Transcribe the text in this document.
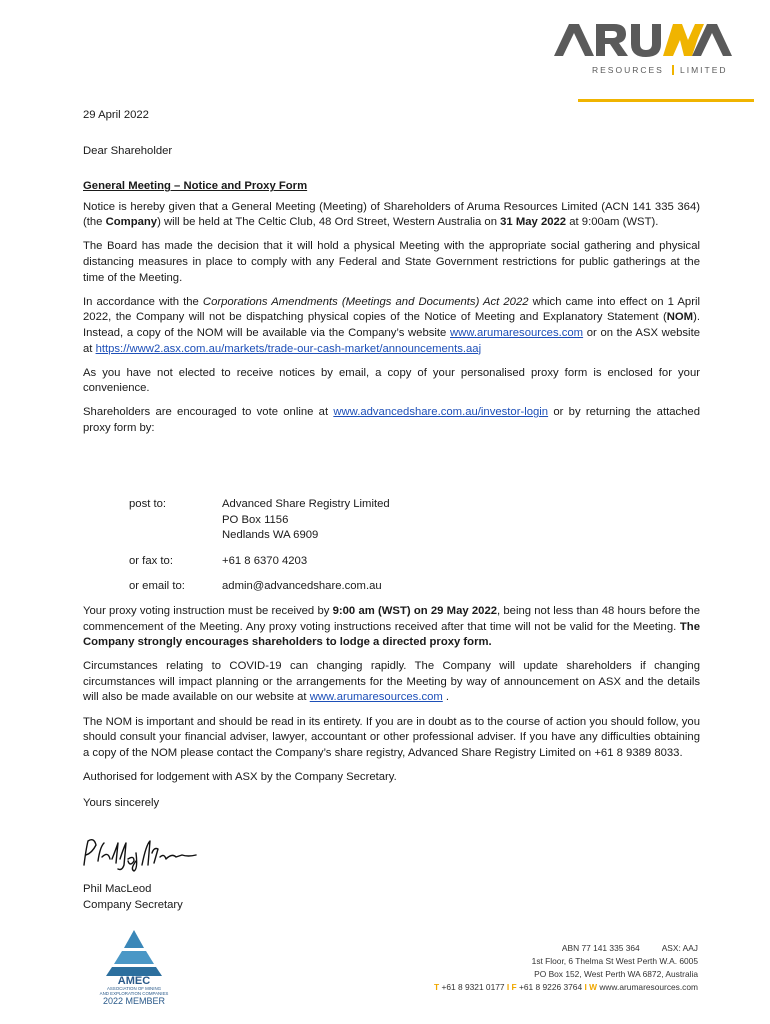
RESOURCES LIMITED

29 April 2022

Dear Shareholder

General Meeting – Notice and Proxy Form

Notice is hereby given that a General Meeting (Meeting) of Shareholders of Aruma Resources Limited (ACN 141 335 364) (the Company) will be held at The Celtic Club, 48 Ord Street, Western Australia on 31 May 2022 at 9:00am (WST).

The Board has made the decision that it will hold a physical Meeting with the appropriate social gathering and physical distancing measures in place to comply with any Federal and State Government restrictions for public gatherings at the time of the Meeting.

In accordance with the Corporations Amendments (Meetings and Documents) Act 2022 which came into effect on 1 April 2022, the Company will not be dispatching physical copies of the Notice of Meeting and Explanatory Statement (NOM). Instead, a copy of the NOM will be available via the Company’s website www.arumaresources.com or on the ASX website at https://www2.asx.com.au/markets/trade-our-cash-market/announcements.aaj

As you have not elected to receive notices by email, a copy of your personalised proxy form is enclosed for your convenience.

Shareholders are encouraged to vote online at www.advancedshare.com.au/investor-login or by returning the attached proxy form by:

post to:	Advanced Share Registry Limited
PO Box 1156
Nedlands WA 6909
or fax to:	+61 8 6370 4203
or email to:	admin@advancedshare.com.au

Your proxy voting instruction must be received by 9:00 am (WST) on 29 May 2022, being not less than 48 hours before the commencement of the Meeting. Any proxy voting instructions received after that time will not be valid for the Meeting. The Company strongly encourages shareholders to lodge a directed proxy form.

Circumstances relating to COVID-19 can changing rapidly. The Company will update shareholders if changing circumstances will impact planning or the arrangements for the Meeting by way of announcement on ASX and the details will also be made available on our website at www.arumaresources.com .

The NOM is important and should be read in its entirety. If you are in doubt as to the course of action you should follow, you should consult your financial adviser, lawyer, accountant or other professional adviser. If you have any difficulties obtaining a copy of the NOM please contact the Company’s share registry, Advanced Share Registry Limited on +61 8 9389 8033.

Authorised for lodgement with ASX by the Company Secretary.

Yours sincerely

Phil MacLeod
Company Secretary
AMEC
ASSOCIATION OF MINING
AND EXPLORATION COMPANIES
2022 MEMBER
ABN 77 141 335 364	ASX: AAJ
1st Floor, 6 Thelma St West Perth W.A. 6005
PO Box 152, West Perth WA 6872, Australia
T +61 8 9321 0177 I F +61 8 9226 3764 I W www.arumaresources.com
